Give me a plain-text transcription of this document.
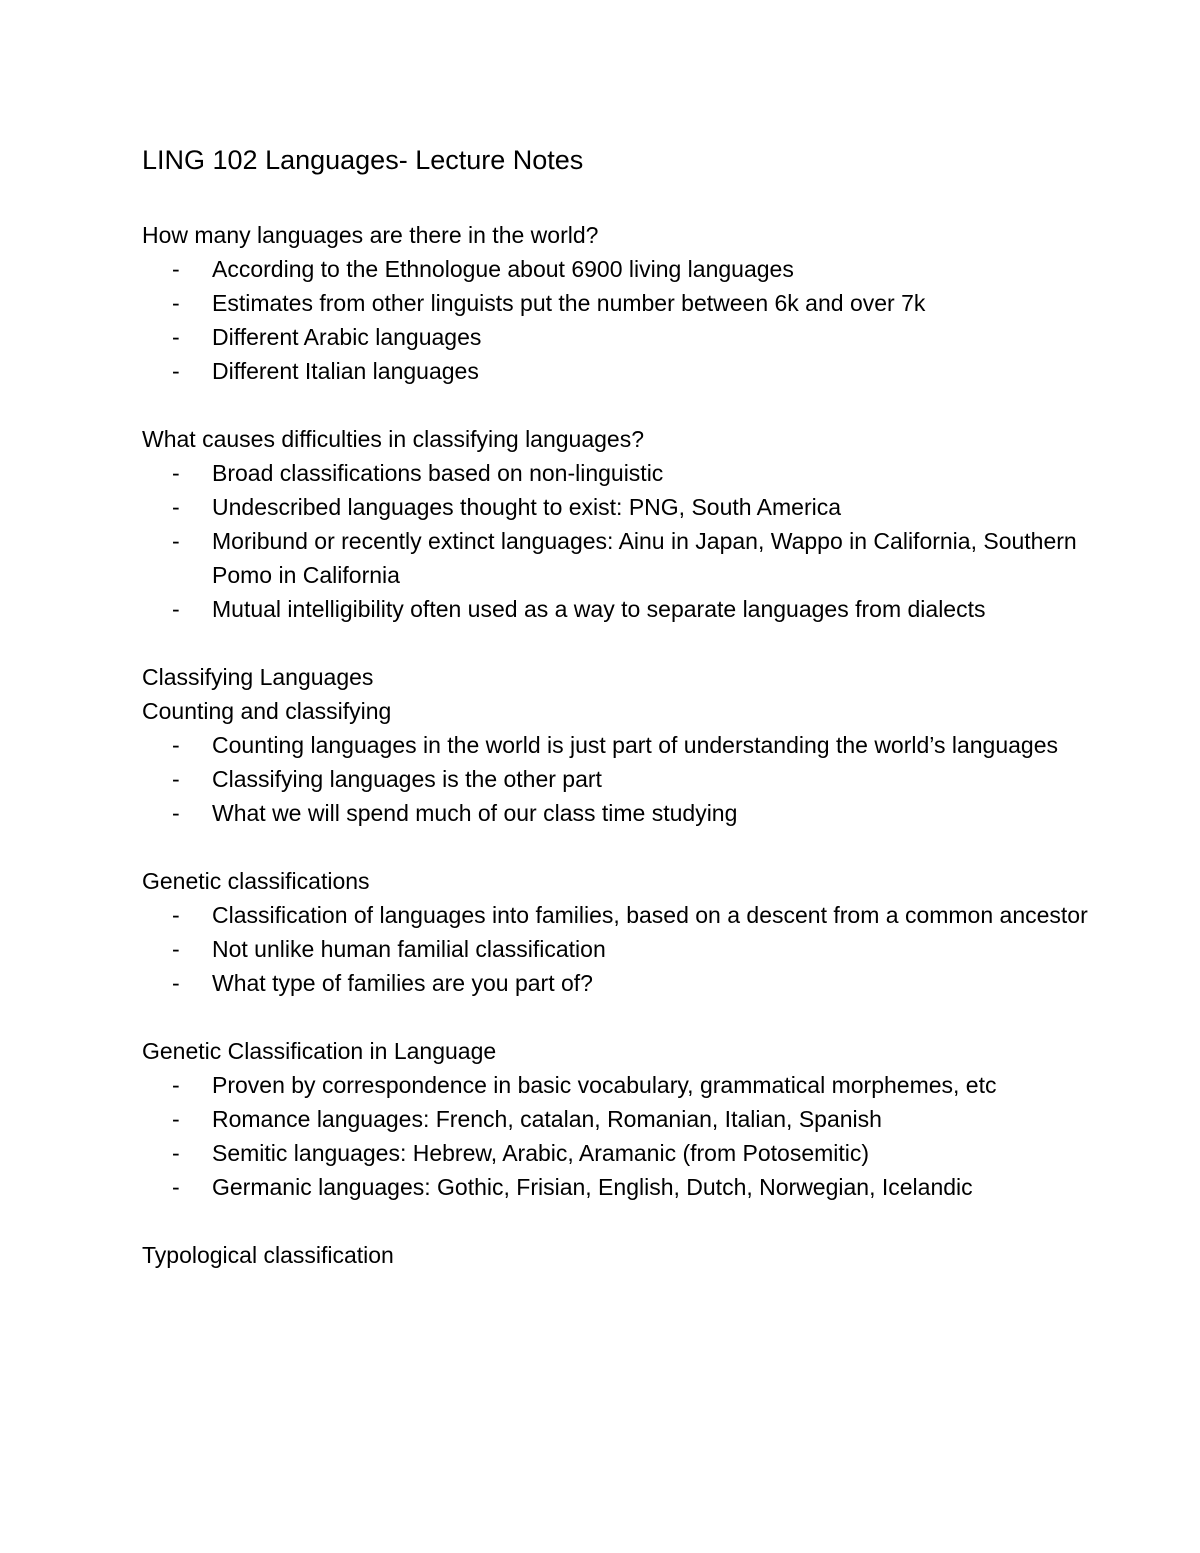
LING 102 Languages- Lecture Notes
How many languages are there in the world?
- According to the Ethnologue about 6900 living languages
- Estimates from other linguists put the number between 6k and over 7k
- Different Arabic languages
- Different Italian languages
What causes difficulties in classifying languages?
- Broad classifications based on non-linguistic
- Undescribed languages thought to exist: PNG, South America
- Moribund or recently extinct languages: Ainu in Japan, Wappo in California, Southern Pomo in California
- Mutual intelligibility often used as a way to separate languages from dialects
Classifying Languages
Counting and classifying
- Counting languages in the world is just part of understanding the world’s languages
- Classifying languages is the other part
- What we will spend much of our class time studying
Genetic classifications
- Classification of languages into families, based on a descent from a common ancestor
- Not unlike human familial classification
- What type of families are you part of?
Genetic Classification in Language
- Proven by correspondence in basic vocabulary, grammatical morphemes, etc
- Romance languages: French, catalan, Romanian, Italian, Spanish
- Semitic languages: Hebrew, Arabic, Aramanic (from Potosemitic)
- Germanic languages: Gothic, Frisian, English, Dutch, Norwegian, Icelandic
Typological classification
